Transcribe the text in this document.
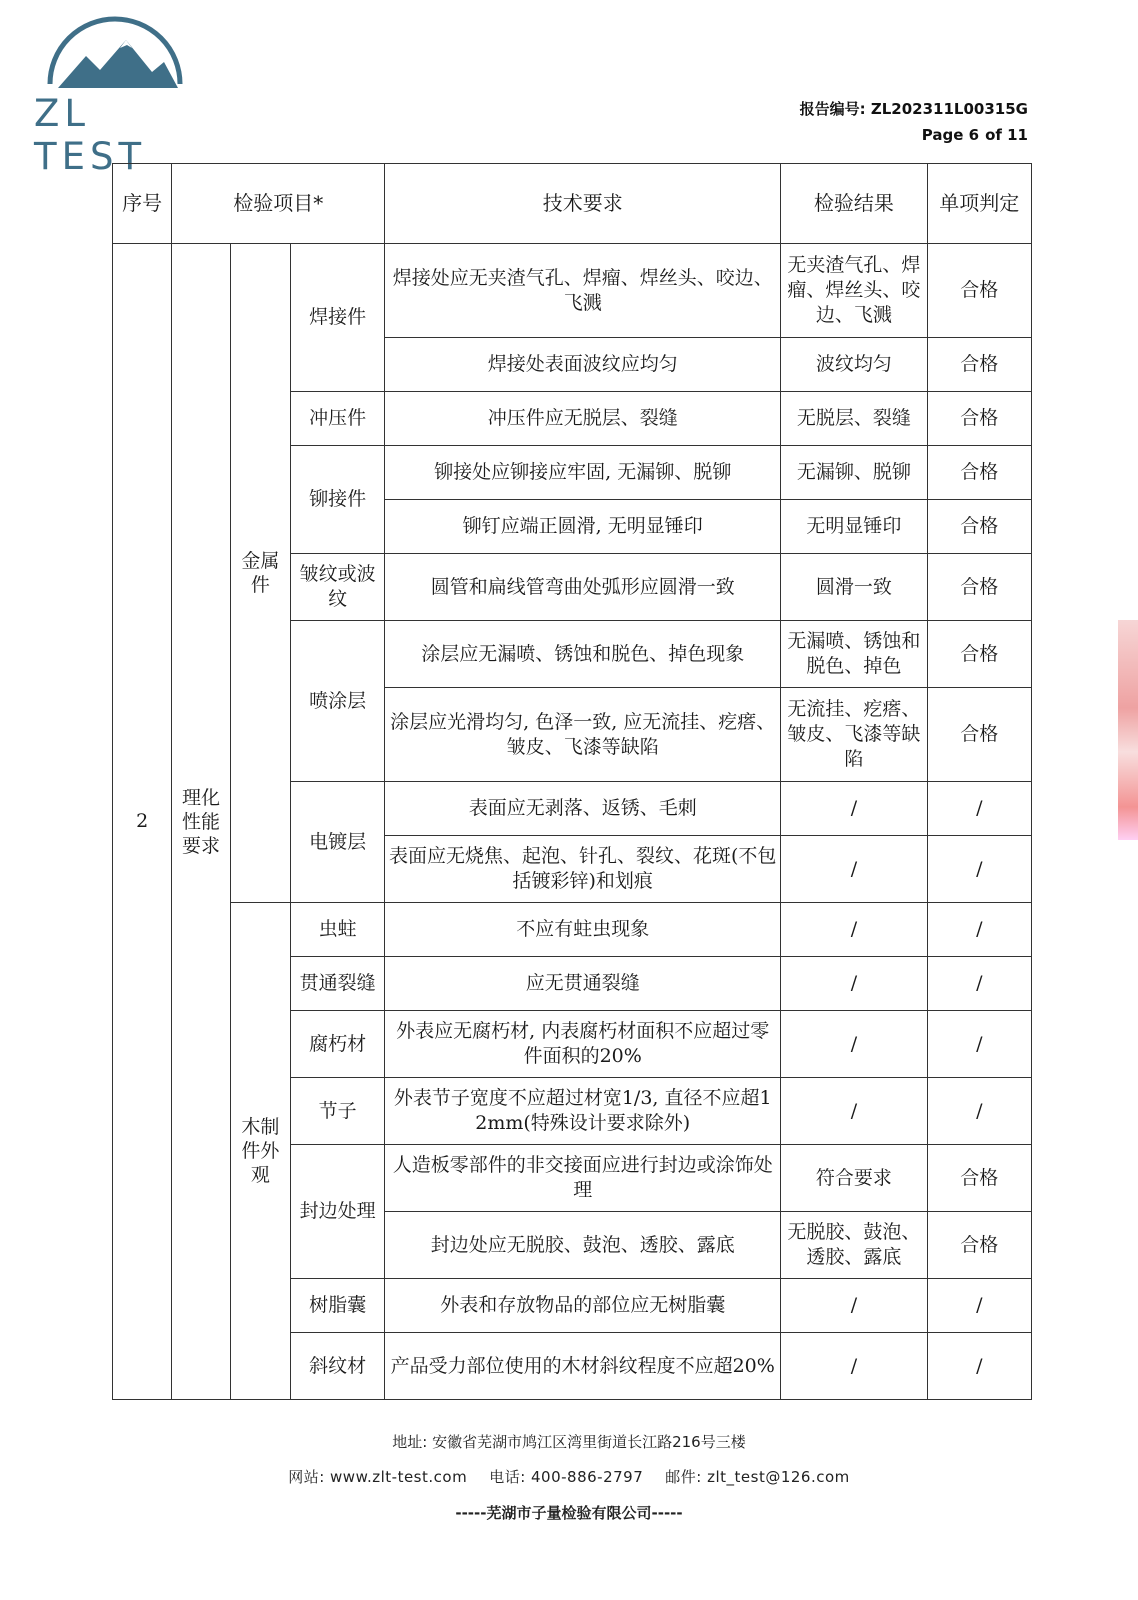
ZL TEST
报告编号: ZL202311L00315G
Page 6 of 11
序号	检验项目*			技术要求	检验结果	单项判定
2	理化性能要求	金属件	焊接件	焊接处应无夹渣气孔、焊瘤、焊丝头、咬边、飞溅	无夹渣气孔、焊瘤、焊丝头、咬边、飞溅	合格
				焊接处表面波纹应均匀	波纹均匀	合格
			冲压件	冲压件应无脱层、裂缝	无脱层、裂缝	合格
			铆接件	铆接处应铆接应牢固, 无漏铆、脱铆	无漏铆、脱铆	合格
				铆钉应端正圆滑, 无明显锤印	无明显锤印	合格
			皱纹或波纹	圆管和扁线管弯曲处弧形应圆滑一致	圆滑一致	合格
			喷涂层	涂层应无漏喷、锈蚀和脱色、掉色现象	无漏喷、锈蚀和脱色、掉色	合格
				涂层应光滑均匀, 色泽一致, 应无流挂、疙瘩、皱皮、飞漆等缺陷	无流挂、疙瘩、皱皮、飞漆等缺陷	合格
			电镀层	表面应无剥落、返锈、毛刺	/	/
				表面应无烧焦、起泡、针孔、裂纹、花斑(不包括镀彩锌)和划痕	/	/
		木制件外观	虫蛀	不应有蛀虫现象	/	/
			贯通裂缝	应无贯通裂缝	/	/
			腐朽材	外表应无腐朽材, 内表腐朽材面积不应超过零件面积的20%	/	/
			节子	外表节子宽度不应超过材宽1/3, 直径不应超12mm(特殊设计要求除外)	/	/
			封边处理	人造板零部件的非交接面应进行封边或涂饰处理	符合要求	合格
				封边处应无脱胶、鼓泡、透胶、露底	无脱胶、鼓泡、透胶、露底	合格
			树脂囊	外表和存放物品的部位应无树脂囊	/	/
			斜纹材	产品受力部位使用的木材斜纹程度不应超20%	/	/
地址: 安徽省芜湖市鸠江区湾里街道长江路216号三楼
网站: www.zlt-test.com 电话: 400-886-2797 邮件: zlt_test@126.com
-----芜湖市子量检验有限公司-----
